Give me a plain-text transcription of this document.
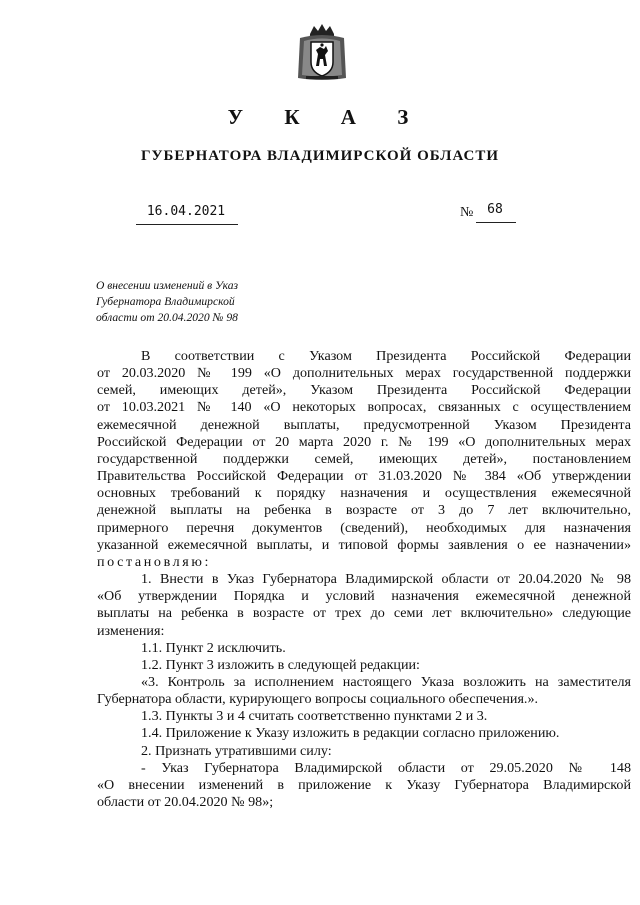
У К А З
ГУБЕРНАТОРА ВЛАДИМИРСКОЙ ОБЛАСТИ
16.04.2021	№	68
О внесении изменений в Указ
Губернатора Владимирской
области от 20.04.2020 № 98

В соответствии с Указом Президента Российской Федерации

от 20.03.2020 № 199 «О дополнительных мерах государственной поддержки

семей, имеющих детей», Указом Президента Российской Федерации

от 10.03.2021 № 140 «О некоторых вопросах, связанных с осуществлением

ежемесячной денежной выплаты, предусмотренной Указом Президента

Российской Федерации от 20 марта 2020 г. № 199 «О дополнительных мерах

государственной поддержки семей, имеющих детей», постановлением

Правительства Российской Федерации от 31.03.2020 № 384 «Об утверждении

основных требований к порядку назначения и осуществления ежемесячной

денежной выплаты на ребенка в возрасте от 3 до 7 лет включительно,

примерного перечня документов (сведений), необходимых для назначения

указанной ежемесячной выплаты, и типовой формы заявления о ее назначении»

постановляю:

1. Внести в Указ Губернатора Владимирской области от 20.04.2020 № 98

«Об утверждении Порядка и условий назначения ежемесячной денежной

выплаты на ребенка в возрасте от трех до семи лет включительно» следующие

изменения:

1.1. Пункт 2 исключить.

1.2. Пункт 3 изложить в следующей редакции:

«3. Контроль за исполнением настоящего Указа возложить на заместителя

Губернатора области, курирующего вопросы социального обеспечения.».

1.3. Пункты 3 и 4 считать соответственно пунктами 2 и 3.

1.4. Приложение к Указу изложить в редакции согласно приложению.

2. Признать утратившими силу:

- Указ Губернатора Владимирской области от 29.05.2020 № 148

«О внесении изменений в приложение к Указу Губернатора Владимирской

области от 20.04.2020 № 98»;
